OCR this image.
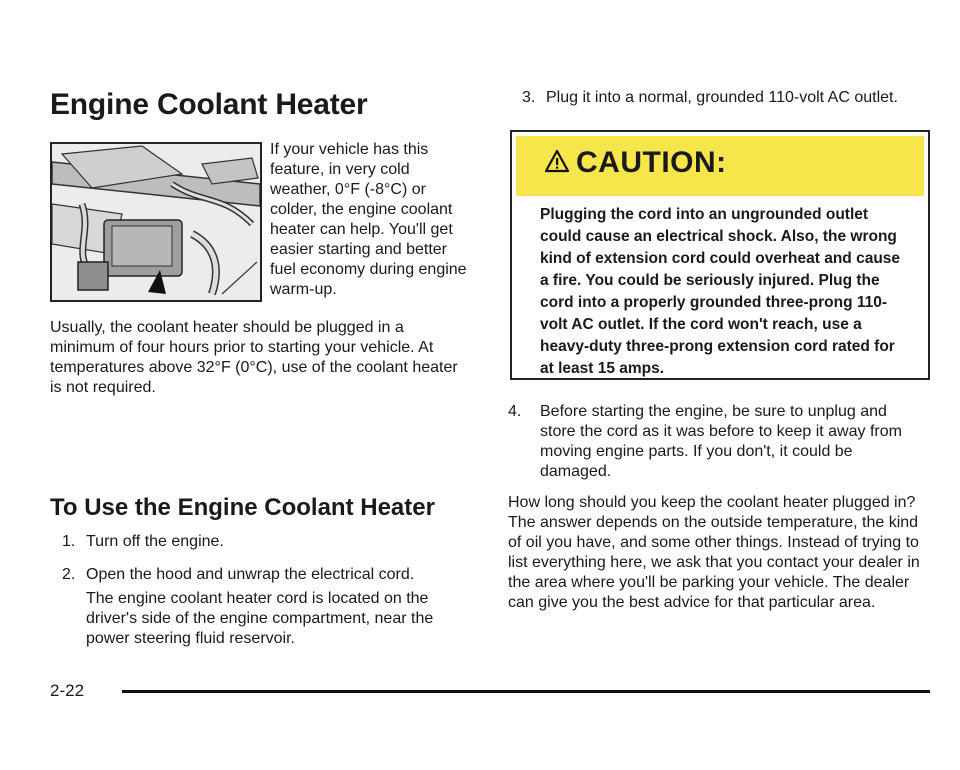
Engine Coolant Heater
If your vehicle has this feature, in very cold weather, 0°F (-8°C) or colder, the engine coolant heater can help. You'll get easier starting and better fuel economy during engine warm-up.
Usually, the coolant heater should be plugged in a minimum of four hours prior to starting your vehicle. At temperatures above 32°F (0°C), use of the coolant heater is not required.
To Use the Engine Coolant Heater
1. Turn off the engine.
2. Open the hood and unwrap the electrical cord.
The engine coolant heater cord is located on the driver's side of the engine compartment, near the power steering fluid reservoir.
3. Plug it into a normal, grounded 110-volt AC outlet.
CAUTION:
Plugging the cord into an ungrounded outlet could cause an electrical shock. Also, the wrong kind of extension cord could overheat and cause a fire. You could be seriously injured. Plug the cord into a properly grounded three-prong 110-volt AC outlet. If the cord won't reach, use a heavy-duty three-prong extension cord rated for at least 15 amps.
4. Before starting the engine, be sure to unplug and store the cord as it was before to keep it away from moving engine parts. If you don't, it could be damaged.
How long should you keep the coolant heater plugged in? The answer depends on the outside temperature, the kind of oil you have, and some other things. Instead of trying to list everything here, we ask that you contact your dealer in the area where you'll be parking your vehicle. The dealer can give you the best advice for that particular area.
2-22
